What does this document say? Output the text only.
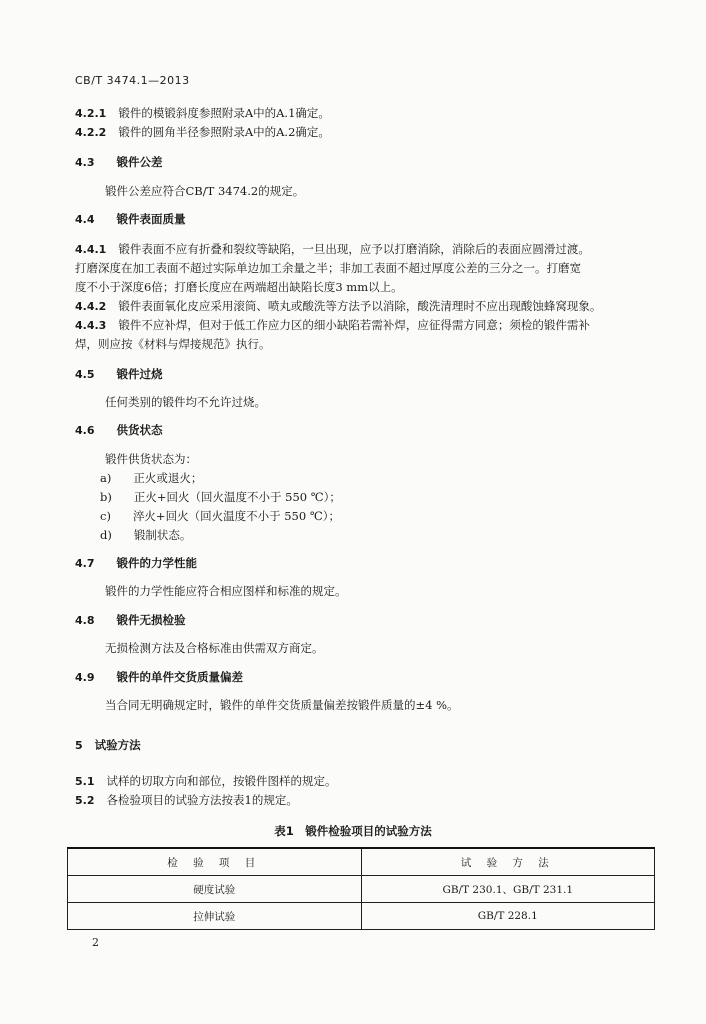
CB/T 3474.1—2013
4.2.1 锻件的模锻斜度参照附录A中的A.1确定。
4.2.2 锻件的圆角半径参照附录A中的A.2确定。
4.3 锻件公差
锻件公差应符合CB/T 3474.2的规定。
4.4 锻件表面质量
4.4.1 锻件表面不应有折叠和裂纹等缺陷，一旦出现，应予以打磨消除，消除后的表面应圆滑过渡。
打磨深度在加工表面不超过实际单边加工余量之半；非加工表面不超过厚度公差的三分之一。打磨宽
度不小于深度6倍；打磨长度应在两端超出缺陷长度3 mm以上。
4.4.2 锻件表面氧化皮应采用滚筒、喷丸或酸洗等方法予以消除，酸洗清理时不应出现酸蚀蜂窝现象。
4.4.3 锻件不应补焊，但对于低工作应力区的细小缺陷若需补焊，应征得需方同意；须检的锻件需补
焊，则应按《材料与焊接规范》执行。
4.5 锻件过烧
任何类别的锻件均不允许过烧。
4.6 供货状态
锻件供货状态为：
a) 正火或退火；
b) 正火+回火（回火温度不小于 550 ℃）；
c) 淬火+回火（回火温度不小于 550 ℃）；
d) 锻制状态。
4.7 锻件的力学性能
锻件的力学性能应符合相应图样和标准的规定。
4.8 锻件无损检验
无损检测方法及合格标准由供需双方商定。
4.9 锻件的单件交货质量偏差
当合同无明确规定时，锻件的单件交货质量偏差按锻件质量的±4 %。
5 试验方法
5.1 试样的切取方向和部位，按锻件图样的规定。
5.2 各检验项目的试验方法按表1的规定。
表1　锻件检验项目的试验方法
检 验 项 目	试 验 方 法
硬度试验	GB/T 230.1、GB/T 231.1
拉伸试验	GB/T 228.1
2
